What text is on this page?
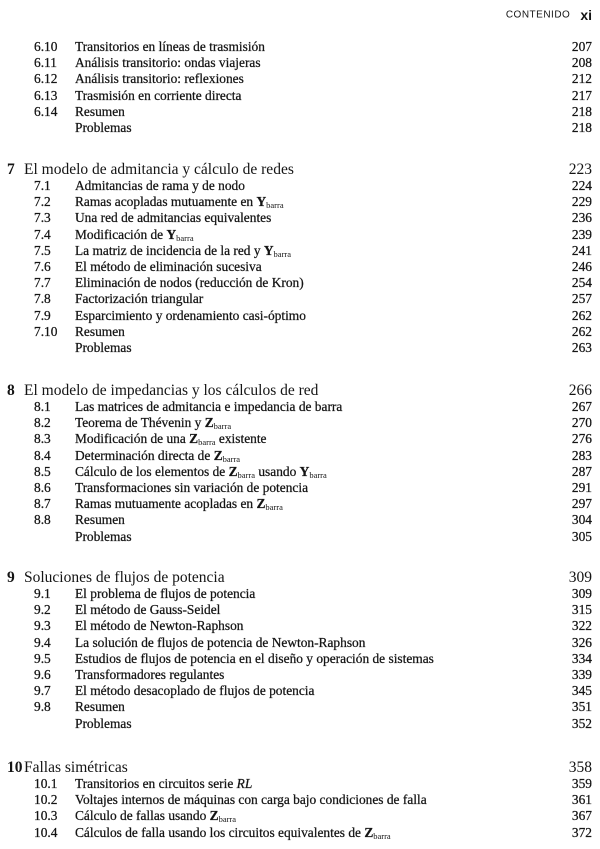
CONTENIDO xi
6.10 Transitorios en líneas de trasmisión	207
6.11 Análisis transitorio: ondas viajeras	208
6.12 Análisis transitorio: reflexiones	212
6.13 Trasmisión en corriente directa	217
6.14 Resumen	218
Problemas	218
7 El modelo de admitancia y cálculo de redes	223
7.1 Admitancias de rama y de nodo	224
7.2 Ramas acopladas mutuamente en $Y_{barra}$	229
7.3 Una red de admitancias equivalentes	236
7.4 Modificación de $Y_{barra}$	239
7.5 La matriz de incidencia de la red y $Y_{barra}$	241
7.6 El método de eliminación sucesiva	246
7.7 Eliminación de nodos (reducción de Kron)	254
7.8 Factorización triangular	257
7.9 Esparcimiento y ordenamiento casi-óptimo	262
7.10 Resumen	262
Problemas	263
8 El modelo de impedancias y los cálculos de red	266
8.1 Las matrices de admitancia e impedancia de barra	267
8.2 Teorema de Thévenin y $Z_{barra}$	270
8.3 Modificación de una $Z_{barra}$ existente	276
8.4 Determinación directa de $Z_{barra}$	283
8.5 Cálculo de los elementos de $Z_{barra}$ usando $Y_{barra}$	287
8.6 Transformaciones sin variación de potencia	291
8.7 Ramas mutuamente acopladas en $Z_{barra}$	297
8.8 Resumen	304
Problemas	305
9 Soluciones de flujos de potencia	309
9.1 El problema de flujos de potencia	309
9.2 El método de Gauss-Seidel	315
9.3 El método de Newton-Raphson	322
9.4 La solución de flujos de potencia de Newton-Raphson	326
9.5 Estudios de flujos de potencia en el diseño y operación de sistemas	334
9.6 Transformadores regulantes	339
9.7 El método desacoplado de flujos de potencia	345
9.8 Resumen	351
Problemas	352
10 Fallas simétricas	358
10.1 Transitorios en circuitos serie RL	359
10.2 Voltajes internos de máquinas con carga bajo condiciones de falla	361
10.3 Cálculo de fallas usando $Z_{barra}$	367
10.4 Cálculos de falla usando los circuitos equivalentes de $Z_{barra}$	372
